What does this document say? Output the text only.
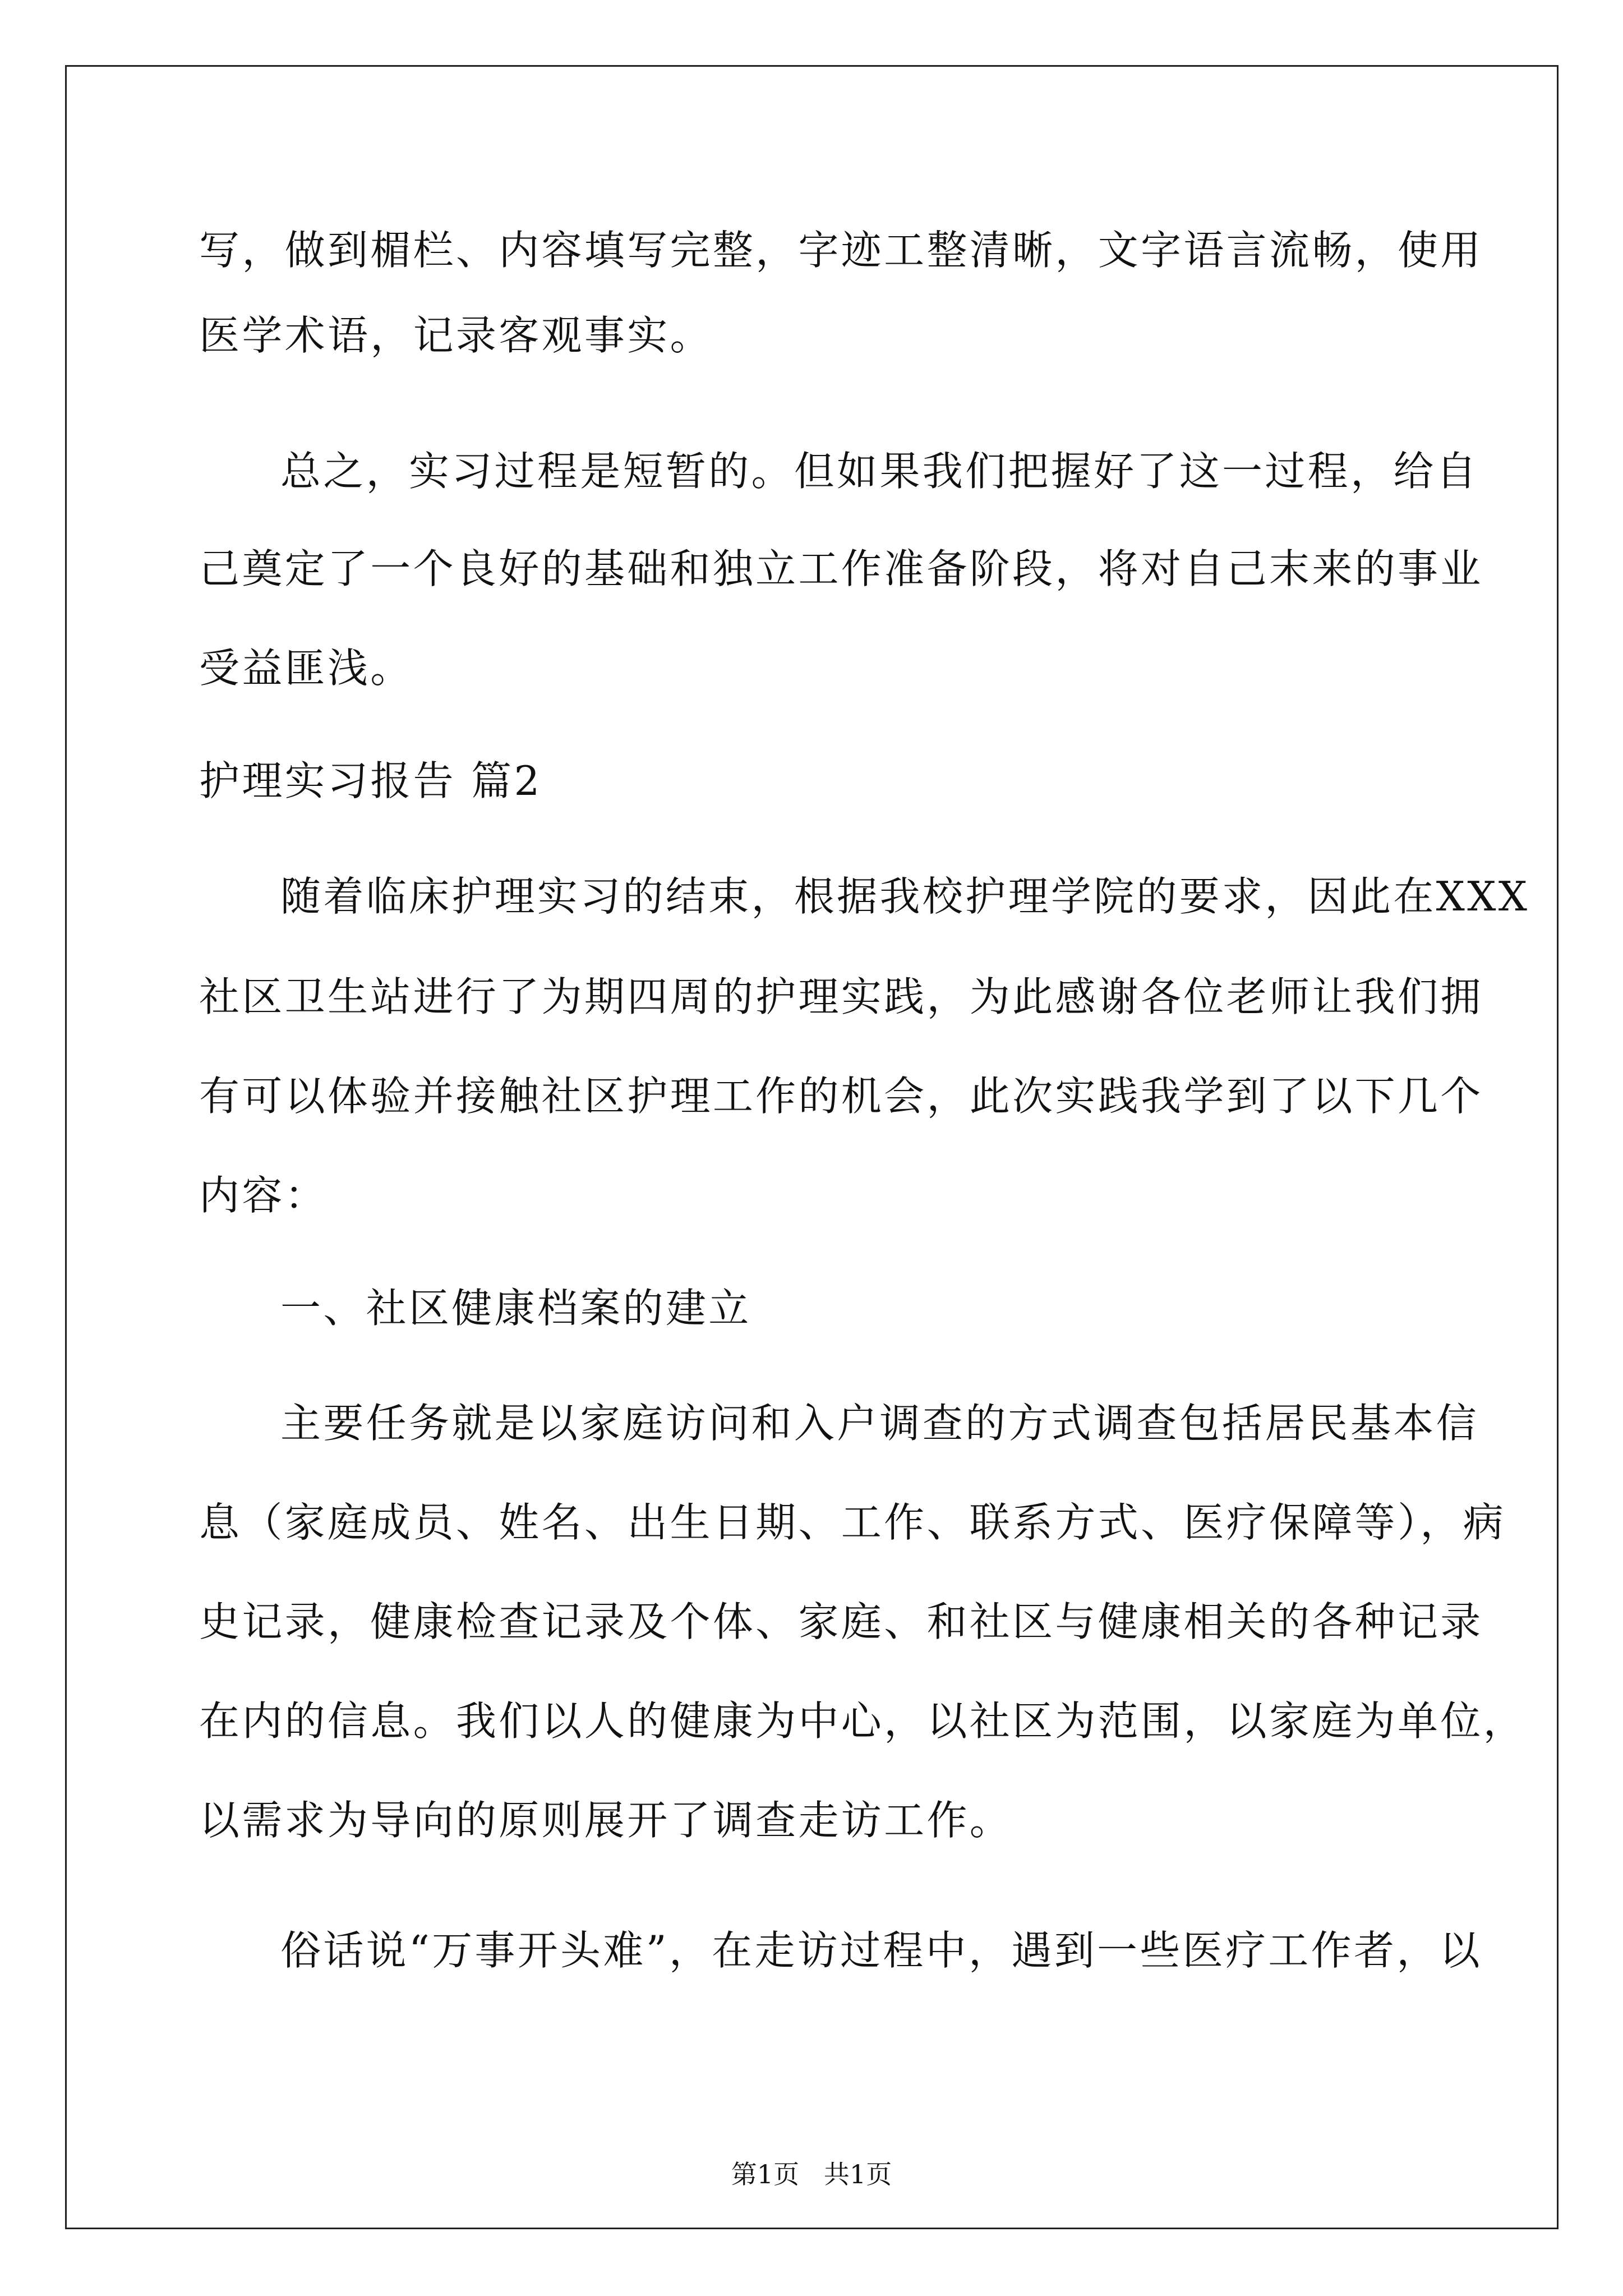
写，做到楣栏、内容填写完整，字迹工整清晰，文字语言流畅，使用
医学术语，记录客观事实。
总之，实习过程是短暂的。但如果我们把握好了这一过程，给自
己奠定了一个良好的基础和独立工作准备阶段，将对自己末来的事业
受益匪浅。
护理实习报告 篇2
随着临床护理实习的结束，根据我校护理学院的要求，因此在XXX
社区卫生站进行了为期四周的护理实践，为此感谢各位老师让我们拥
有可以体验并接触社区护理工作的机会，此次实践我学到了以下几个
内容：
一、社区健康档案的建立
主要任务就是以家庭访问和入户调查的方式调查包括居民基本信
息（家庭成员、姓名、出生日期、工作、联系方式、医疗保障等），病
史记录，健康检查记录及个体、家庭、和社区与健康相关的各种记录
在内的信息。我们以人的健康为中心，以社区为范围，以家庭为单位，
以需求为导向的原则展开了调查走访工作。
俗话说“万事开头难”，在走访过程中，遇到一些医疗工作者，以
第1页   共1页
